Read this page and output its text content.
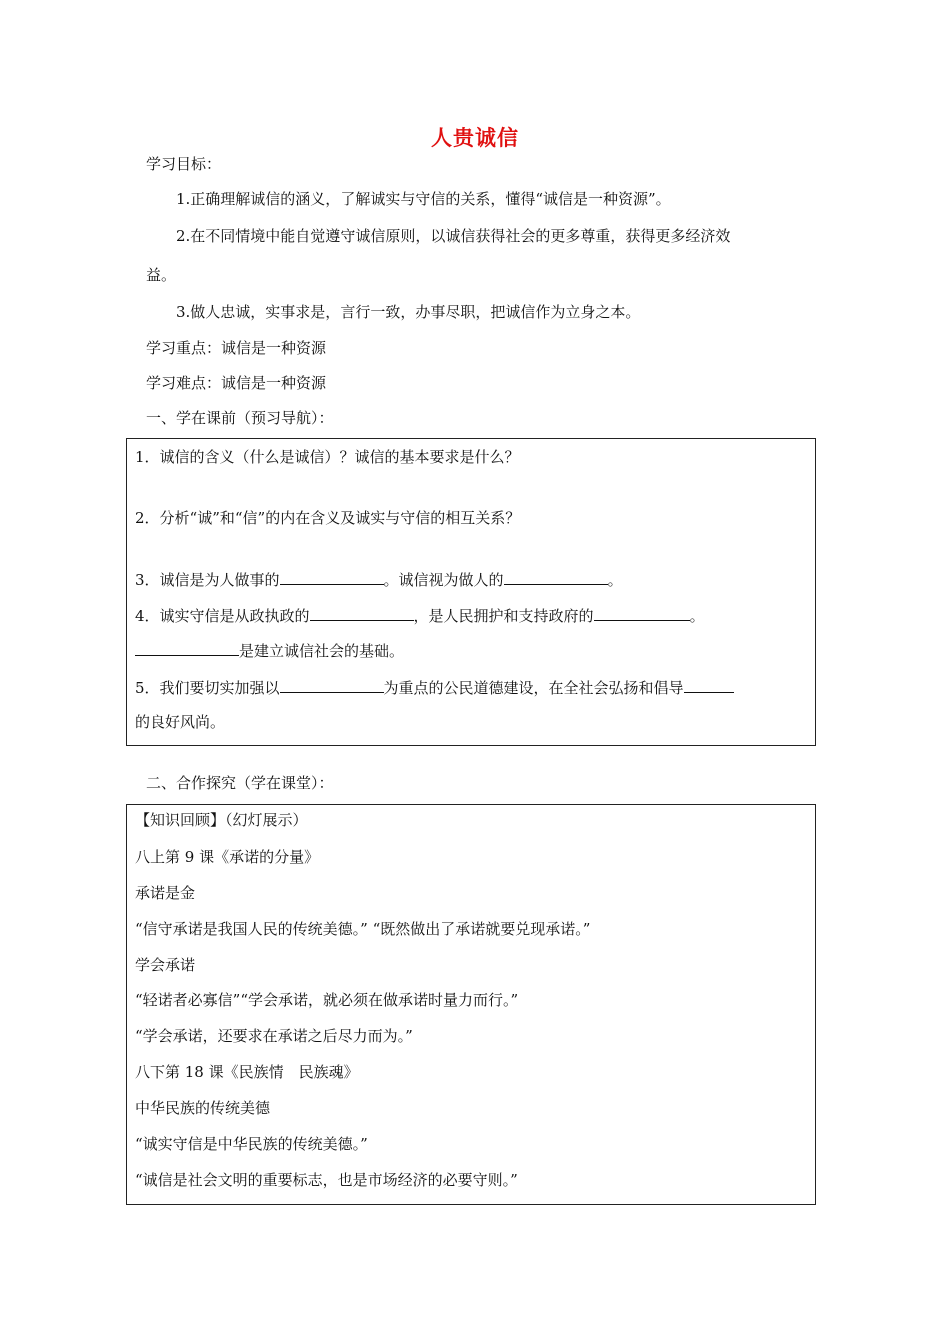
人贵诚信
学习目标：
1.正确理解诚信的涵义，了解诚实与守信的关系，懂得“诚信是一种资源”。
2.在不同情境中能自觉遵守诚信原则，以诚信获得社会的更多尊重，获得更多经济效
益。
3.做人忠诚，实事求是，言行一致，办事尽职，把诚信作为立身之本。
学习重点：诚信是一种资源
学习难点：诚信是一种资源
一、学在课前（预习导航）：
1．诚信的含义（什么是诚信）？诚信的基本要求是什么？
2．分析“诚”和“信”的内在含义及诚实与守信的相互关系？
3．诚信是为人做事的	。诚信视为做人的	。
4．诚实守信是从政执政的	，是人民拥护和支持政府的	。
是建立诚信社会的基础。
5．我们要切实加强以	为重点的公民道德建设，在全社会弘扬和倡导
的良好风尚。
二、合作探究（学在课堂）：
【知识回顾】（幻灯展示）
八上第 9 课《承诺的分量》
承诺是金
“信守承诺是我国人民的传统美德。” “既然做出了承诺就要兑现承诺。”
学会承诺
“轻诺者必寡信”“学会承诺，就必须在做承诺时量力而行。”
“学会承诺，还要求在承诺之后尽力而为。”
八下第 18 课《民族情　民族魂》
中华民族的传统美德
“诚实守信是中华民族的传统美德。”
“诚信是社会文明的重要标志，也是市场经济的必要守则。”
